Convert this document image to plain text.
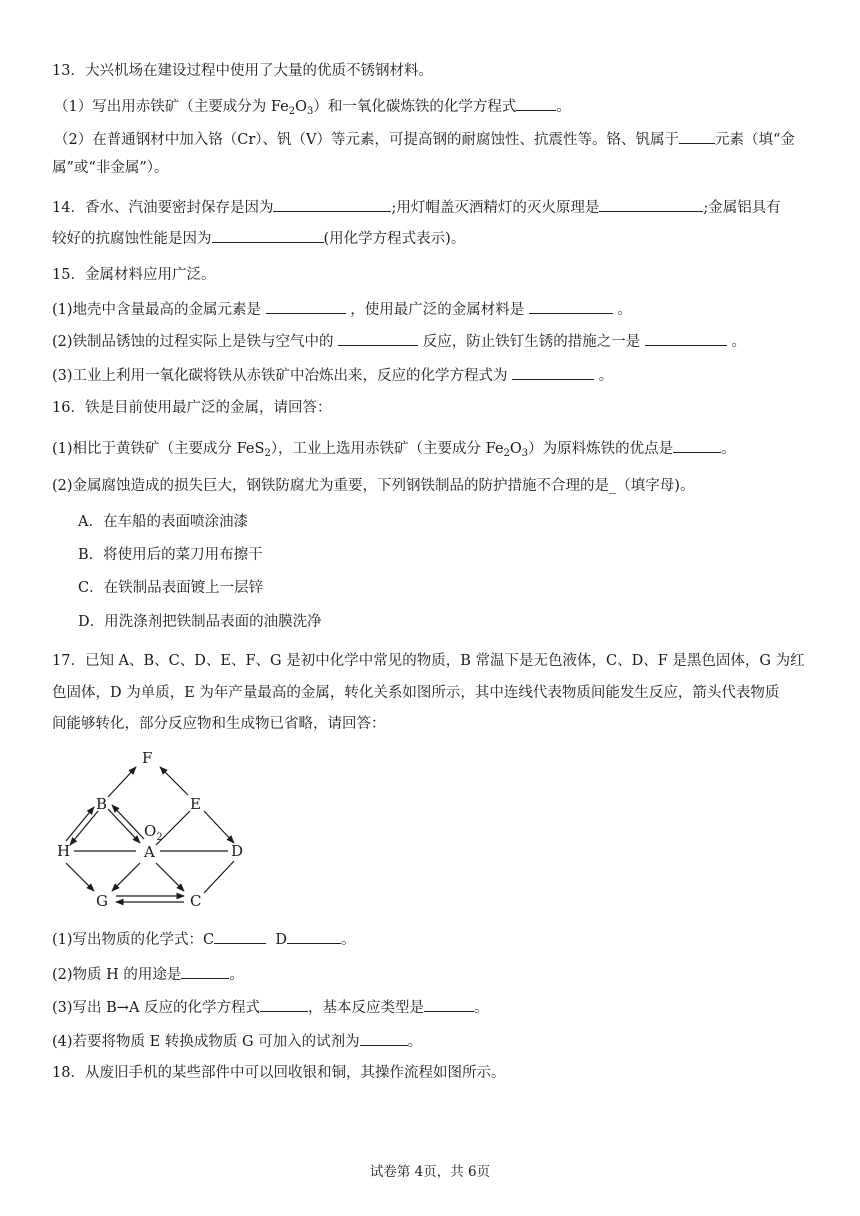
13．大兴机场在建设过程中使用了大量的优质不锈钢材料。
（1）写出用赤铁矿（主要成分为 $Fe_2O_3$）和一氧化碳炼铁的化学方程式	。
（2）在普通钢材中加入铬（Cr）、钒（V）等元素，可提高钢的耐腐蚀性、抗震性等。铬、钒属于 元素（填“金
属”或“非金属”）。
14．香水、汽油要密封保存是因为	;用灯帽盖灭酒精灯的灭火原理是	;金属铝具有
较好的抗腐蚀性能是因为	(用化学方程式表示)。
15．金属材料应用广泛。
(1)地壳中含量最高的金属元素是	，使用最广泛的金属材料是	。
(2)铁制品锈蚀的过程实际上是铁与空气中的	反应，防止铁钉生锈的措施之一是	。
(3)工业上利用一氧化碳将铁从赤铁矿中冶炼出来，反应的化学方程式为	。
16．铁是目前使用最广泛的金属，请回答：
(1)相比于黄铁矿（主要成分 FeS$_2$），工业上选用赤铁矿（主要成分 $Fe_2O_3$）为原料炼铁的优点是	。
(2)金属腐蚀造成的损失巨大，钢铁防腐尤为重要，下列钢铁制品的防护措施不合理的是_（填字母)。
A．在车船的表面喷涂油漆
B．将使用后的菜刀用布擦干
C．在铁制品表面镀上一层锌
D．用洗涤剂把铁制品表面的油膜洗净
17．已知 A、B、C、D、E、F、G 是初中化学中常见的物质，B 常温下是无色液体，C、D、F 是黑色固体，G 为红
色固体，D 为单质，E 为年产量最高的金属，转化关系如图所示，其中连线代表物质间能发生反应，箭头代表物质
间能够转化，部分反应物和生成物已省略，请回答：
F
B	E
H	A	D
G	C
$O_2$
(1)写出物质的化学式：C	D	。
(2)物质 H 的用途是	。
(3)写出 B→A 反应的化学方程式	，基本反应类型是	。
(4)若要将物质 E 转换成物质 G 可加入的试剂为	。
18．从废旧手机的某些部件中可以回收银和铜，其操作流程如图所示。
试卷第 4页，共 6页
